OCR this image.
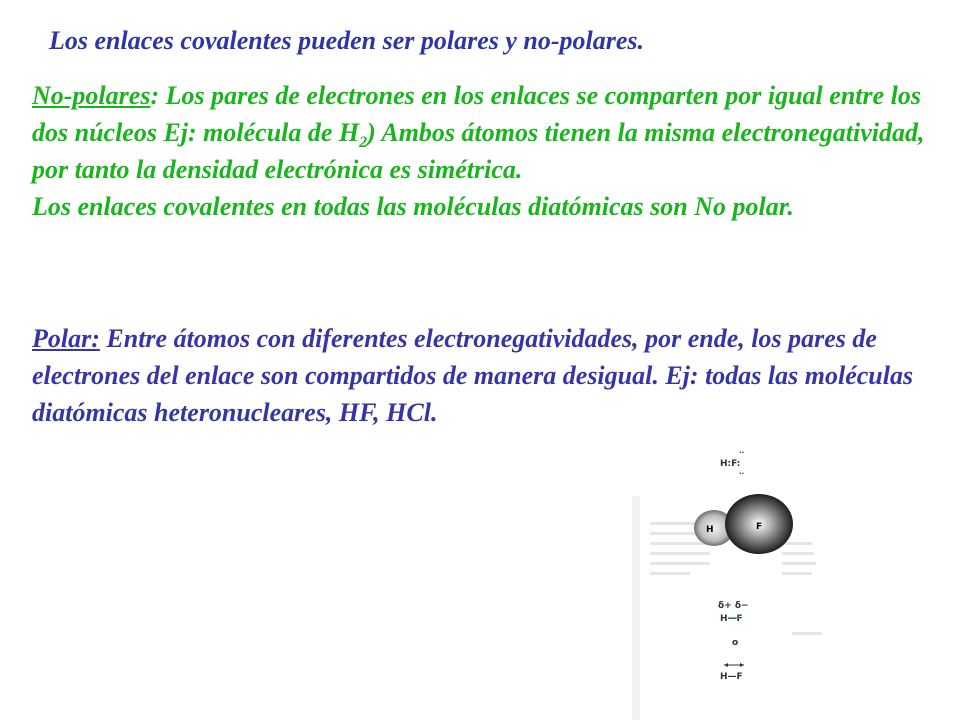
Los enlaces covalentes pueden ser polares y no-polares.
No-polares: Los pares de electrones en los enlaces se comparten por igual entre los dos núcleos Ej: molécula de $H_2$) Ambos átomos tienen la misma electronegatividad, por tanto la densidad electrónica es simétrica.
Los enlaces covalentes en todas las moléculas diatómicas son No polar.
Polar: Entre átomos con diferentes electronegatividades, por ende, los pares de electrones del enlace son compartidos de manera desigual. Ej: todas las moléculas diatómicas heteronucleares, HF, HCl.
H:F:
··
··
H	F
δ+ δ−
H—F
o
H—F
